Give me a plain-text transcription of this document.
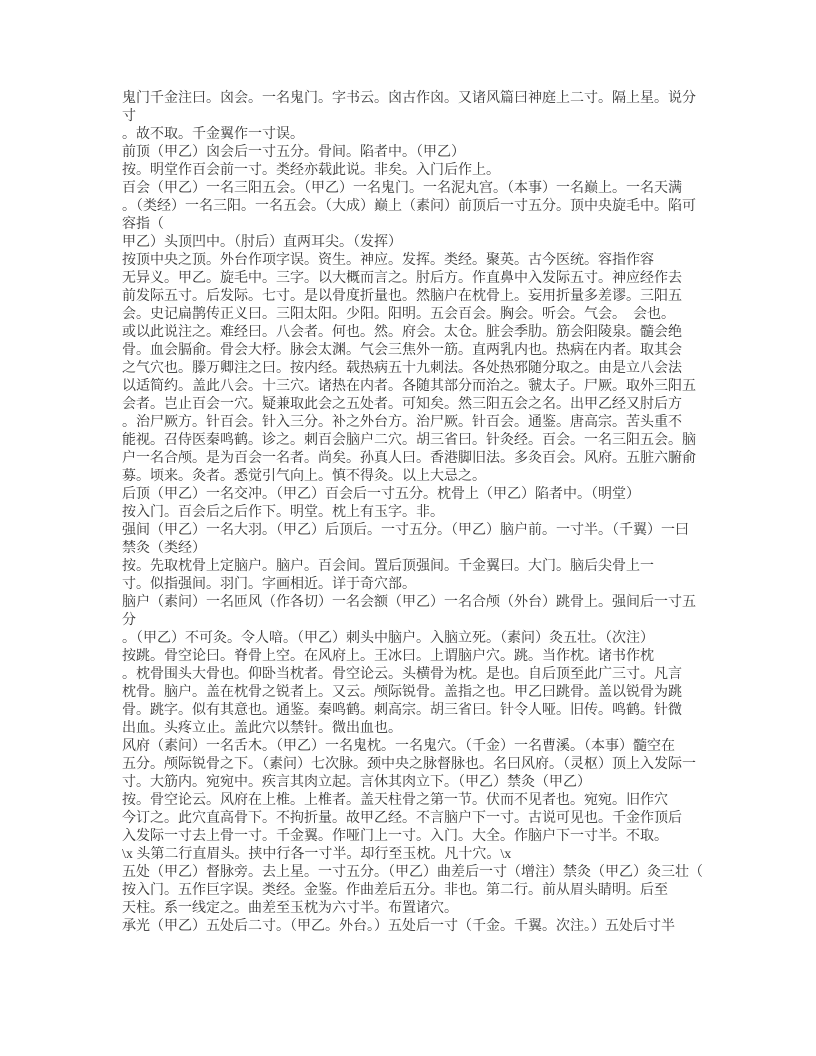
鬼门千金注曰。囟会。一名鬼门。字书云。囟古作囟。又诸风篇曰神庭上二寸。隔上星。说分
寸
。故不取。千金翼作一寸误。
前顶（甲乙）囟会后一寸五分。骨间。陷者中。（甲乙）
按。明堂作百会前一寸。类经亦载此说。非矣。入门后作上。
百会（甲乙）一名三阳五会。（甲乙）一名鬼门。一名泥丸宫。（本事）一名巅上。一名天满
。（类经）一名三阳。一名五会。（大成）巅上（素问）前顶后一寸五分。顶中央旋毛中。陷可
容指（
甲乙）头顶凹中。（肘后）直两耳尖。（发挥）
按顶中央之顶。外台作项字误。资生。神应。发挥。类经。聚英。古今医统。容指作容
无异义。甲乙。旋毛中。三字。以大概而言之。肘后方。作直鼻中入发际五寸。神应经作去
前发际五寸。后发际。七寸。是以骨度折量也。然脑户在枕骨上。妄用折量多差谬。三阳五
会。史记扁鹊传正义曰。三阳太阳。少阳。阳明。五会百会。胸会。听会。气会。　会也。
或以此说注之。难经曰。八会者。何也。然。府会。太仓。脏会季肋。筋会阳陵泉。髓会绝
骨。血会膈俞。骨会大杼。脉会太渊。气会三焦外一筋。直两乳内也。热病在内者。取其会
之气穴也。滕万卿注之曰。按内经。载热病五十九刺法。各处热邪随分取之。由是立八会法
以适简约。盖此八会。十三穴。诸热在内者。各随其部分而治之。虢太子。尸厥。取外三阳五
会者。岂止百会一穴。疑兼取此会之五处者。可知矣。然三阳五会之名。出甲乙经又肘后方
。治尸厥方。针百会。针入三分。补之外台方。治尸厥。针百会。通鉴。唐高宗。苦头重不
能视。召侍医秦鸣鹤。诊之。刺百会脑户二穴。胡三省曰。针灸经。百会。一名三阳五会。脑
户一名合颅。是为百会一名者。尚矣。孙真人曰。香港脚旧法。多灸百会。风府。五脏六腑俞
募。顷来。灸者。悉觉引气向上。慎不得灸。以上大忌之。
后顶（甲乙）一名交冲。（甲乙）百会后一寸五分。枕骨上（甲乙）陷者中。（明堂）
按入门。百会后之后作下。明堂。枕上有玉字。非。
强间（甲乙）一名大羽。（甲乙）后顶后。一寸五分。（甲乙）脑户前。一寸半。（千翼）一曰
禁灸（类经）
按。先取枕骨上定脑户。脑户。百会间。置后顶强间。千金翼曰。大门。脑后尖骨上一
寸。似指强间。羽门。字画相近。详于奇穴部。
脑户（素问）一名匝风（作各切）一名会额（甲乙）一名合颅（外台）跳骨上。强间后一寸五
分
。（甲乙）不可灸。令人喑。（甲乙）刺头中脑户。入脑立死。（素问）灸五壮。（次注）
按跳。骨空论曰。脊骨上空。在风府上。王冰曰。上谓脑户穴。跳。当作枕。诸书作枕
。枕骨围头大骨也。仰卧当枕者。骨空论云。头横骨为枕。是也。自后顶至此广三寸。凡言
枕骨。脑户。盖在枕骨之锐者上。又云。颅际锐骨。盖指之也。甲乙曰跳骨。盖以锐骨为跳
骨。跳字。似有其意也。通鉴。秦鸣鹤。刺高宗。胡三省曰。针令人哑。旧传。鸣鹤。针微
出血。头疼立止。盖此穴以禁针。微出血也。
风府（素问）一名舌木。（甲乙）一名鬼枕。一名鬼穴。（千金）一名曹溪。（本事）髓空在
五分。颅际锐骨之下。（素问）七次脉。颈中央之脉督脉也。名曰风府。（灵枢）顶上入发际一
寸。大筋内。宛宛中。疾言其肉立起。言休其肉立下。（甲乙）禁灸（甲乙）
按。骨空论云。风府在上椎。上椎者。盖天柱骨之第一节。伏而不见者也。宛宛。旧作穴
今订之。此穴直高骨下。不拘折量。故甲乙经。不言脑户下一寸。古说可见也。千金作顶后
入发际一寸去上骨一寸。千金翼。作哑门上一寸。入门。大全。作脑户下一寸半。不取。
\x 头第二行直眉头。挟中行各一寸半。却行至玉枕。凡十穴。\x
五处（甲乙）督脉旁。去上星。一寸五分。（甲乙）曲差后一寸（增注）禁灸（甲乙）灸三壮（
按入门。五作巨字误。类经。金鉴。作曲差后五分。非也。第二行。前从眉头睛明。后至
天柱。系一线定之。曲差至玉枕为六寸半。布置诸穴。
承光（甲乙）五处后二寸。（甲乙。外台。）五处后一寸（千金。千翼。次注。）五处后寸半
